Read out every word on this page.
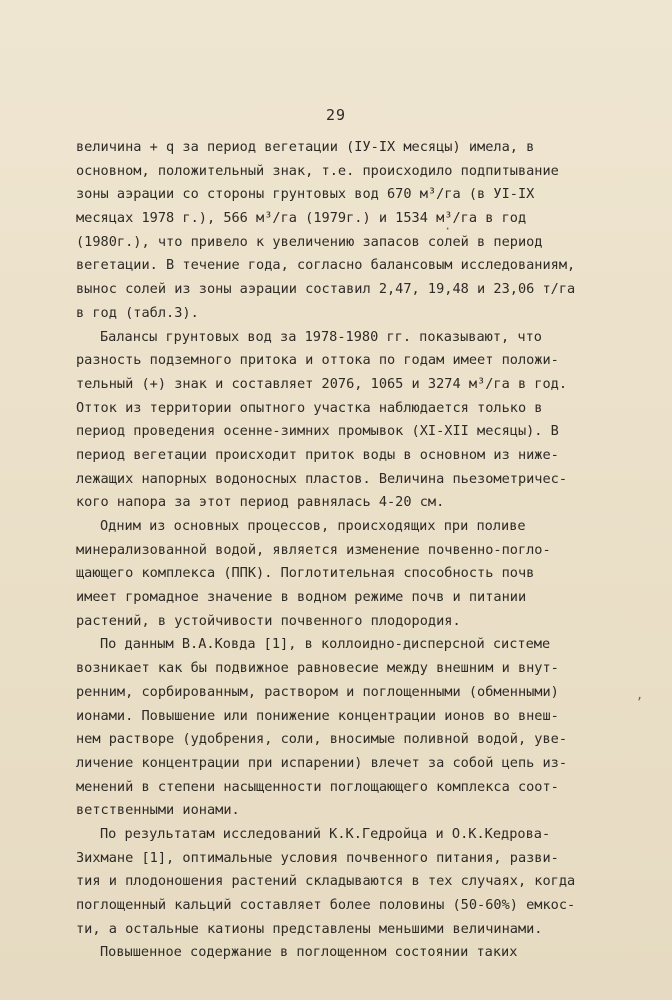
29
величина + q за период вегетации (IУ-IX месяцы) имела, в
основном, положительный знак, т.е. происходило подпитывание
зоны аэрации со стороны грунтовых вод 670 м³/га (в УI-IX
месяцах 1978 г.), 566 м³/га (1979г.) и 1534 м³/га в год
(1980г.), что привело к увеличению запасов солей в период
вегетации. В течение года, согласно балансовым исследованиям,
вынос солей из зоны аэрации составил 2,47, 19,48 и 23,06 т/га
в год (табл.3).
Балансы грунтовых вод за 1978-1980 гг. показывают, что
разность подземного притока и оттока по годам имеет положи-
тельный (+) знак и составляет 2076, 1065 и 3274 м³/га в год.
Отток из территории опытного участка наблюдается только в
период проведения осенне-зимних промывок (XI-XII месяцы). В
период вегетации происходит приток воды в основном из ниже-
лежащих напорных водоносных пластов. Величина пьезометричес-
кого напора за этот период равнялась 4-20 см.
Одним из основных процессов, происходящих при поливе
минерализованной водой, является изменение почвенно-погло-
щающего комплекса (ППК). Поглотительная способность почв
имеет громадное значение в водном режиме почв и питании
растений, в устойчивости почвенного плодородия.
По данным В.А.Ковда [1], в коллоидно-дисперсной системе
возникает как бы подвижное равновесие между внешним и внут-
ренним, сорбированным, раствором и поглощенными (обменными)
ионами. Повышение или понижение концентрации ионов во внеш-
нем растворе (удобрения, соли, вносимые поливной водой, уве-
личение концентрации при испарении) влечет за собой цепь из-
менений в степени насыщенности поглощающего комплекса соот-
ветственными ионами.
По результатам исследований К.К.Гедройца и О.К.Кедрова-
Зихмане [1], оптимальные условия почвенного питания, разви-
тия и плодоношения растений складываются в тех случаях, когда
поглощенный кальций составляет более половины (50-60%) емкос-
ти, а остальные катионы представлены меньшими величинами.
Повышенное содержание в поглощенном состоянии таких
·
,
